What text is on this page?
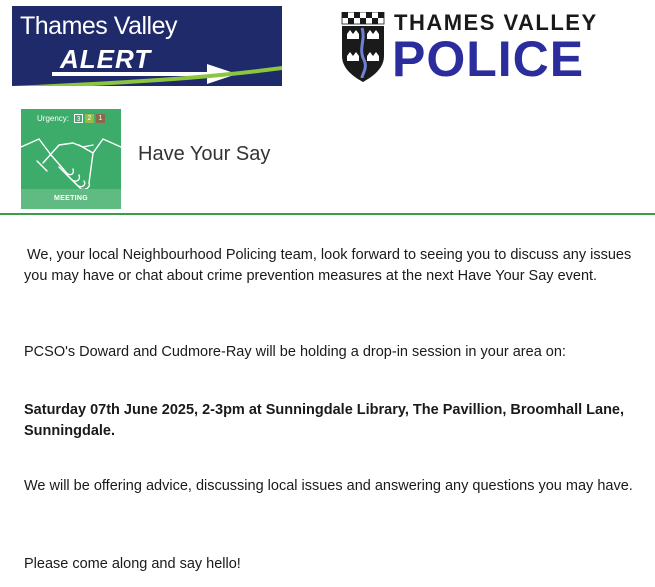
Thames Valley
ALERT
THAMES VALLEY
POLICE
Urgency:	3	2	1
MEETING
Have Your Say

We, your local Neighbourhood Policing team, look forward to seeing you to discuss any issues you may have or chat about crime prevention measures at the next Have Your Say event.

PCSO's Doward and Cudmore-Ray will be holding a drop-in session in your area on:

Saturday 07th June 2025, 2-3pm at Sunningdale Library, The Pavillion, Broomhall Lane, Sunningdale.

We will be offering advice, discussing local issues and answering any questions you may have.

Please come along and say hello!
